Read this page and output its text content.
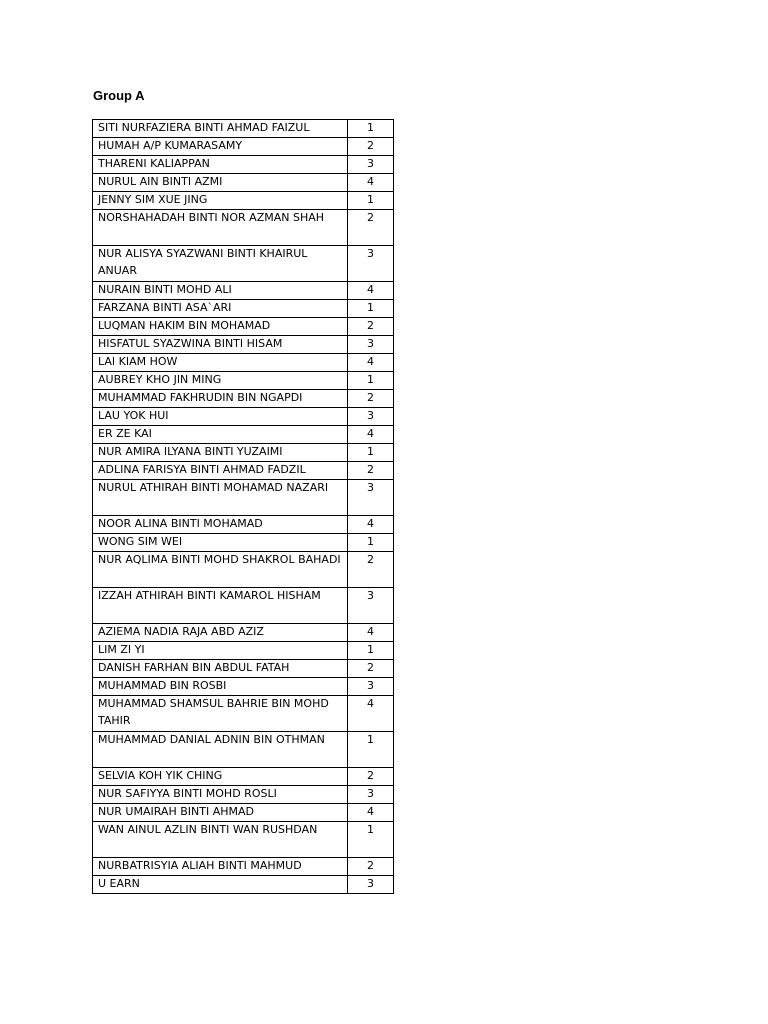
Group A
SITI NURFAZIERA BINTI AHMAD FAIZUL	1
HUMAH A/P KUMARASAMY	2
THARENI KALIAPPAN	3
NURUL AIN BINTI AZMI	4
JENNY SIM XUE JING	1
NORSHAHADAH BINTI NOR AZMAN SHAH	2
NUR ALISYA SYAZWANI BINTI KHAIRUL ANUAR	3
NURAIN BINTI MOHD ALI	4
FARZANA BINTI ASA`ARI	1
LUQMAN HAKIM BIN MOHAMAD	2
HISFATUL SYAZWINA BINTI HISAM	3
LAI KIAM HOW	4
AUBREY KHO JIN MING	1
MUHAMMAD FAKHRUDIN BIN NGAPDI	2
LAU YOK HUI	3
ER ZE KAI	4
NUR AMIRA ILYANA BINTI YUZAIMI	1
ADLINA FARISYA BINTI AHMAD FADZIL	2
NURUL ATHIRAH BINTI MOHAMAD NAZARI	3
NOOR ALINA BINTI MOHAMAD	4
WONG SIM WEI	1
NUR AQLIMA BINTI MOHD SHAKROL BAHADI	2
IZZAH ATHIRAH BINTI KAMAROL HISHAM	3
AZIEMA NADIA RAJA ABD AZIZ	4
LIM ZI YI	1
DANISH FARHAN BIN ABDUL FATAH	2
MUHAMMAD BIN ROSBI	3
MUHAMMAD SHAMSUL BAHRIE BIN MOHD TAHIR	4
MUHAMMAD DANIAL ADNIN BIN OTHMAN	1
SELVIA KOH YIK CHING	2
NUR SAFIYYA BINTI MOHD ROSLI	3
NUR UMAIRAH BINTI AHMAD	4
WAN AINUL AZLIN BINTI WAN RUSHDAN	1
NURBATRISYIA ALIAH BINTI MAHMUD	2
U EARN	3
